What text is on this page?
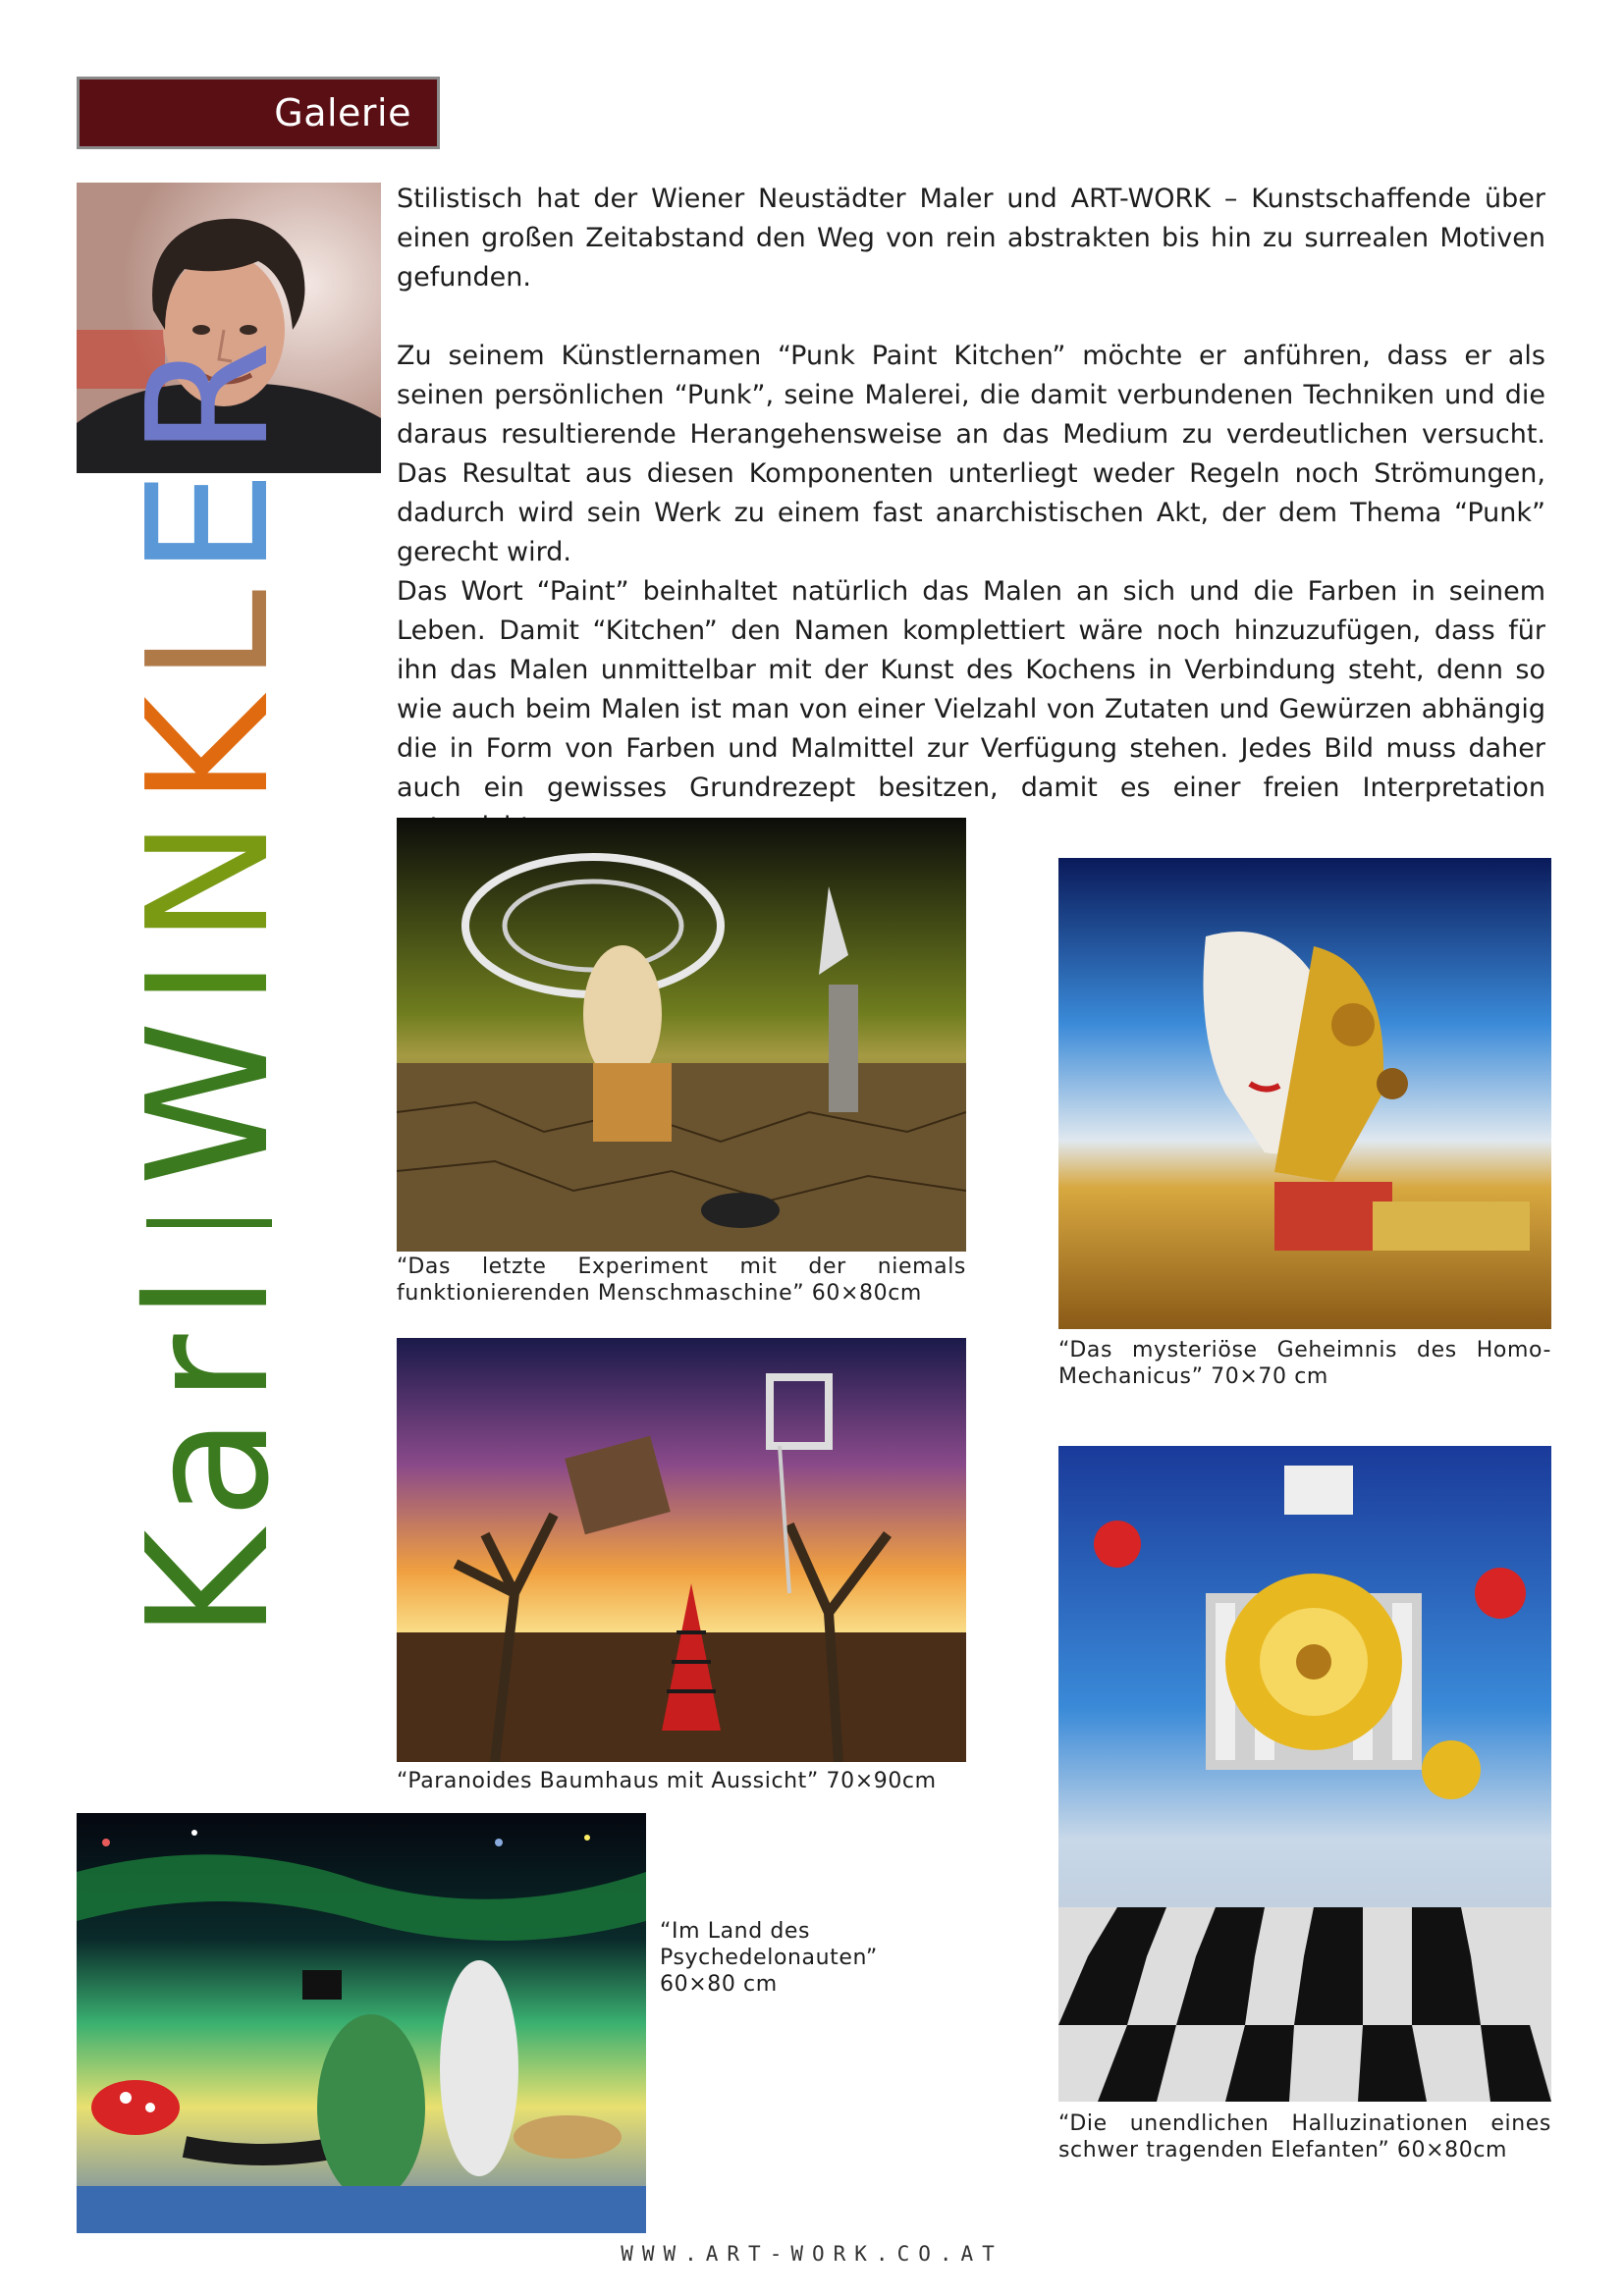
Galerie
KarlWINKLER

Stilistisch hat der Wiener Neustädter Maler und ART-WORK – Kunstschaffende über einen großen Zeitabstand den Weg von rein abstrakten bis hin zu surrealen Motiven gefunden.

Zu seinem Künstlernamen “Punk Paint Kitchen” möchte er anführen, dass er als seinen persönlichen “Punk”, seine Malerei, die damit verbundenen Techniken und die daraus resultierende Herangehensweise an das Medium zu verdeutlichen versucht. Das Resultat aus diesen Komponenten unterliegt weder Regeln noch Strömungen, dadurch wird sein Werk zu einem fast anarchistischen Akt, der dem Thema “Punk” gerecht wird.

Das Wort “Paint” beinhaltet natürlich das Malen an sich und die Farben in seinem Leben. Damit “Kitchen” den Namen komplettiert wäre noch hinzuzufügen, dass für ihn das Malen unmittelbar mit der Kunst des Kochens in Verbindung steht, denn so wie auch beim Malen ist man von einer Vielzahl von Zutaten und Gewürzen abhängig die in Form von Farben und Malmittel zur Verfügung stehen. Jedes Bild muss daher auch ein gewisses Grundrezept besitzen, damit es einer freien Interpretation

“Das letzte Experiment mit der niemals funktionierenden Menschmaschine” 60×80cm
“Das mysteriöse Geheimnis des Homo-Mechanicus” 70×70 cm
“Paranoides Baumhaus mit Aussicht” 70×90cm
“Im Land des Psychedelonauten” 60×80 cm
“Die unendlichen Halluzinationen eines schwer tragenden Elefanten” 60×80cm
WWW.ART-WORK.CO.AT
